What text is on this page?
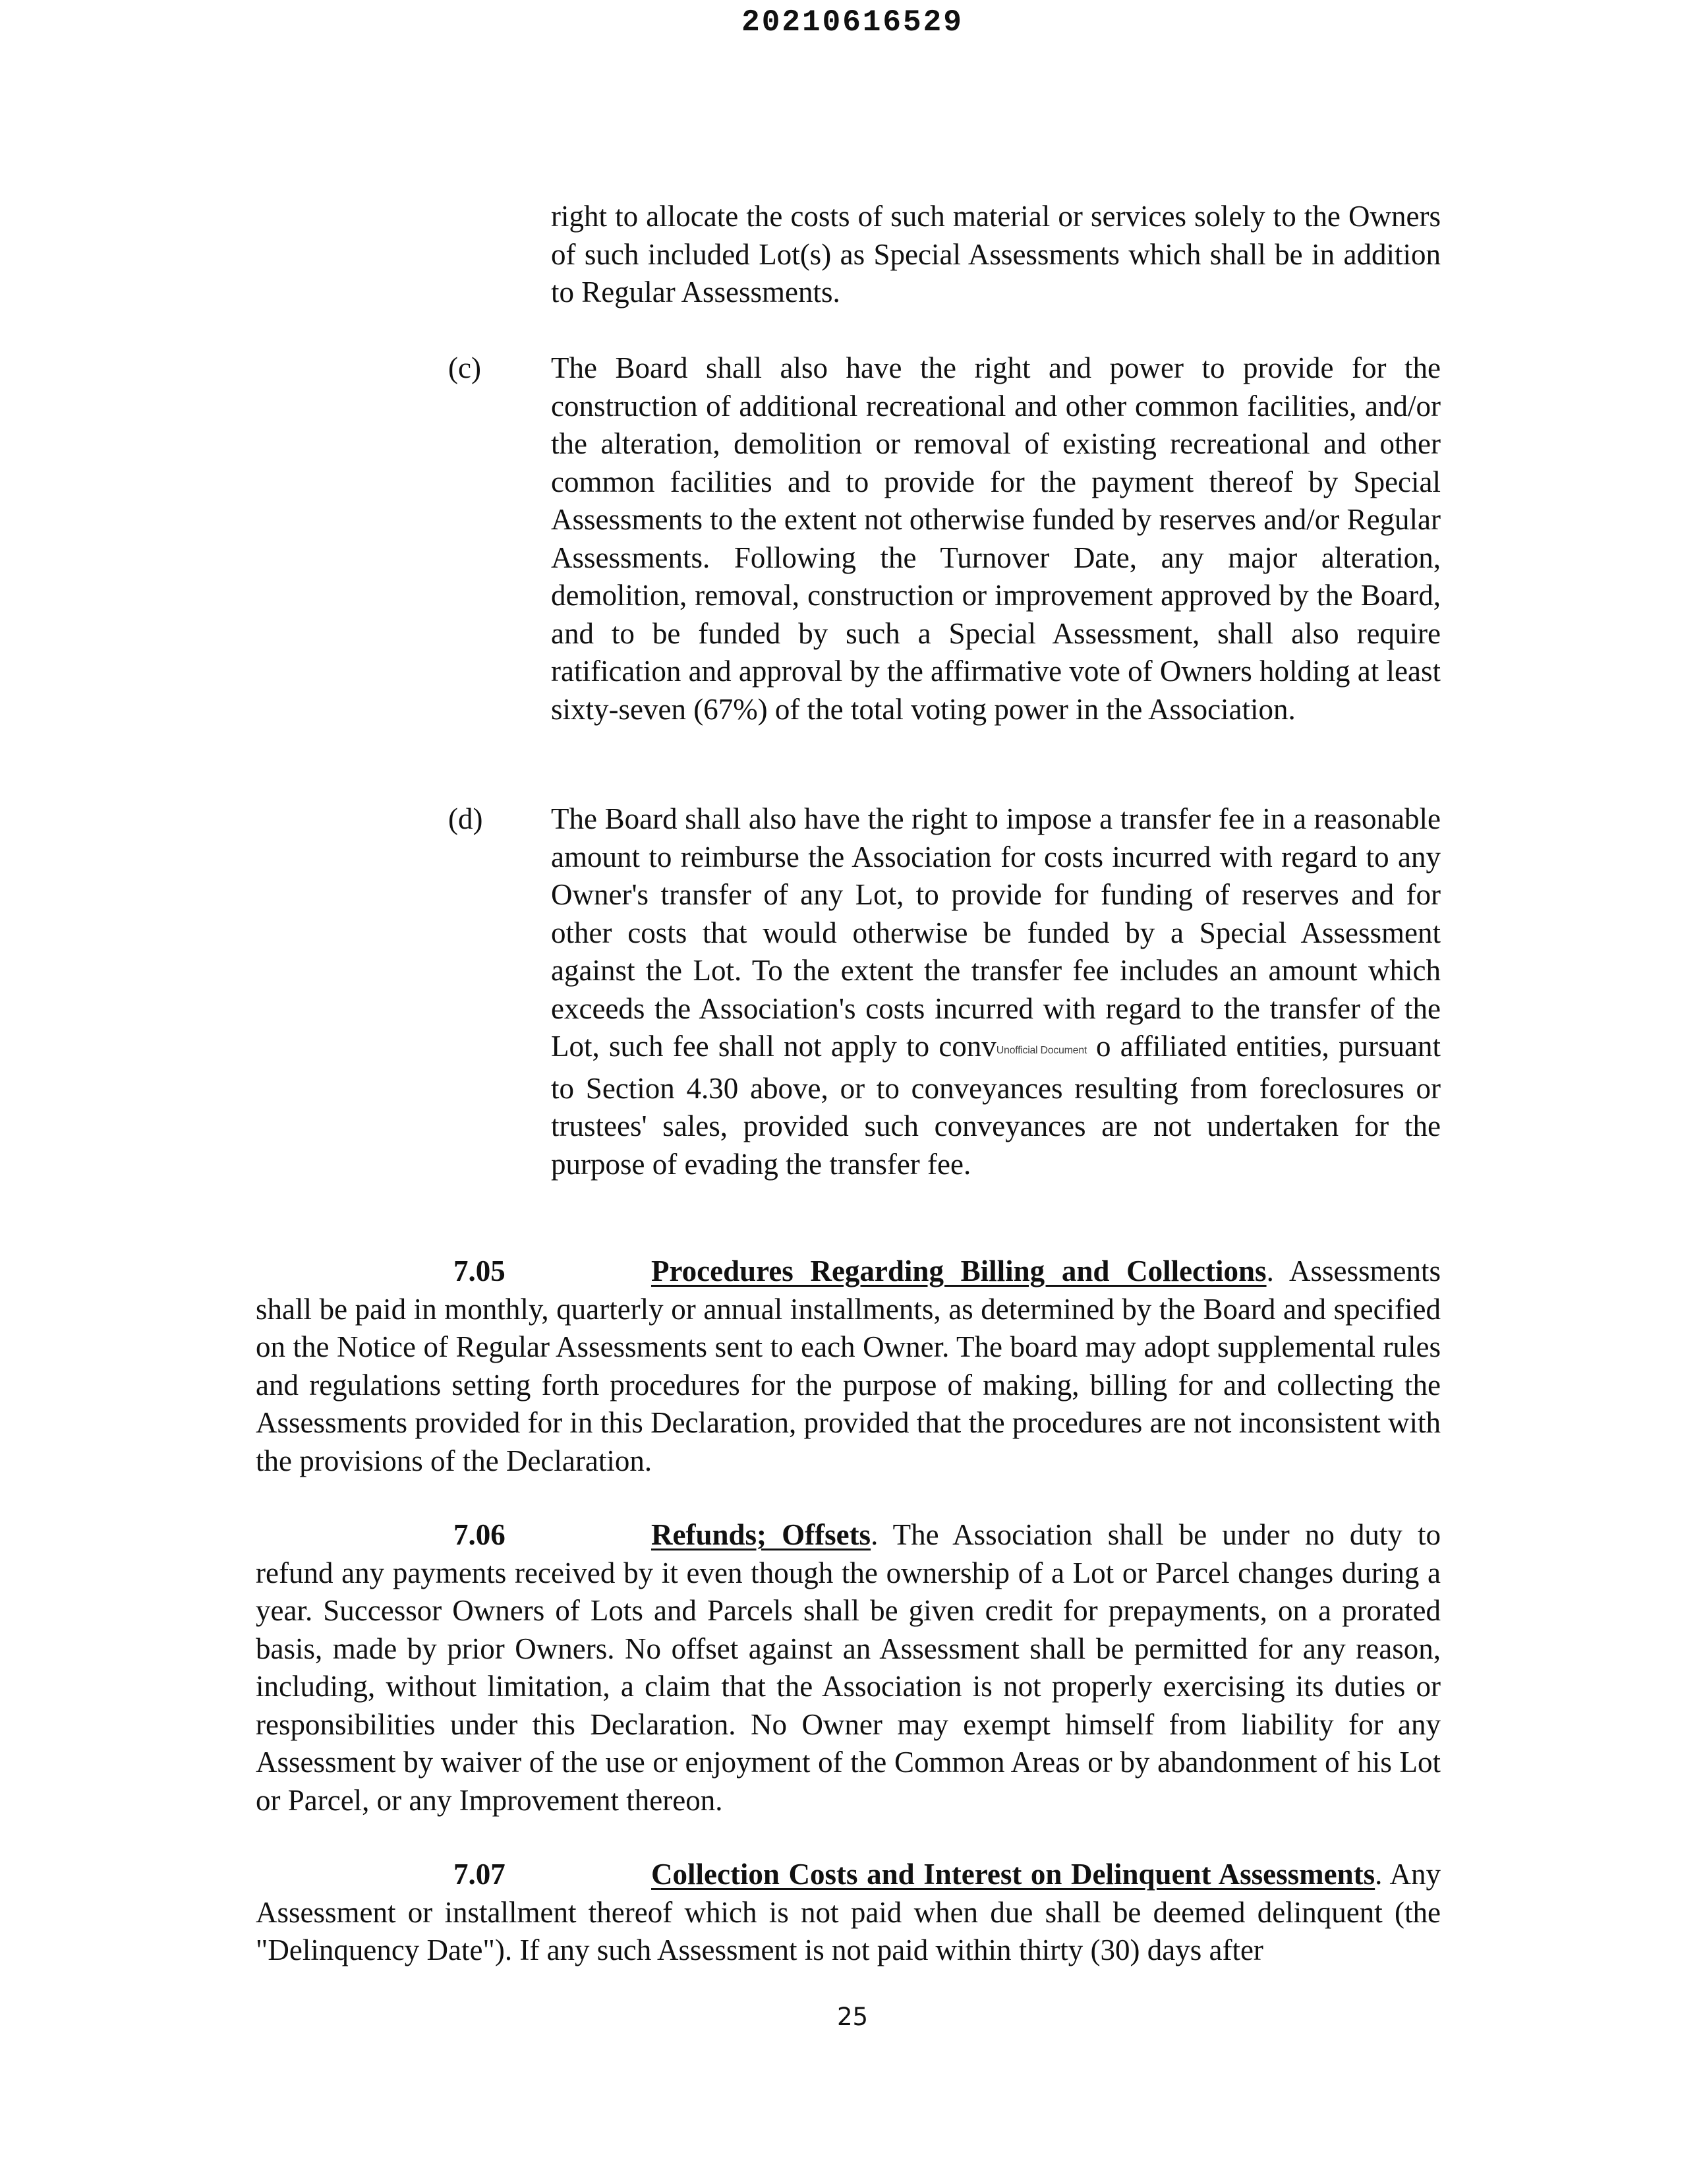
20210616529

right to allocate the costs of such material or services solely to the Owners of such included Lot(s) as Special Assessments which shall be in addition to Regular Assessments.

(c) The Board shall also have the right and power to provide for the construction of additional recreational and other common facilities, and/or the alteration, demolition or removal of existing recreational and other common facilities and to provide for the payment thereof by Special Assessments to the extent not otherwise funded by reserves and/or Regular Assessments. Following the Turnover Date, any major alteration, demolition, removal, construction or improvement approved by the Board, and to be funded by such a Special Assessment, shall also require ratification and approval by the affirmative vote of Owners holding at least sixty-seven (67%) of the total voting power in the Association.

(d) The Board shall also have the right to impose a transfer fee in a reasonable amount to reimburse the Association for costs incurred with regard to any Owner's transfer of any Lot, to provide for funding of reserves and for other costs that would otherwise be funded by a Special Assessment against the Lot. To the extent the transfer fee includes an amount which exceeds the Association's costs incurred with regard to the transfer of the Lot, such fee shall not apply to convUnofficial Document o affiliated entities, pursuant to Section 4.30 above, or to conveyances resulting from foreclosures or trustees' sales, provided such conveyances are not undertaken for the purpose of evading the transfer fee.

7.05	Procedures Regarding Billing and Collections. Assessments shall be paid in monthly, quarterly or annual installments, as determined by the Board and specified on the Notice of Regular Assessments sent to each Owner. The board may adopt supplemental rules and regulations setting forth procedures for the purpose of making, billing for and collecting the Assessments provided for in this Declaration, provided that the procedures are not inconsistent with the provisions of the Declaration.

7.06	Refunds; Offsets. The Association shall be under no duty to refund any payments received by it even though the ownership of a Lot or Parcel changes during a year. Successor Owners of Lots and Parcels shall be given credit for prepayments, on a prorated basis, made by prior Owners. No offset against an Assessment shall be permitted for any reason, including, without limitation, a claim that the Association is not properly exercising its duties or responsibilities under this Declaration. No Owner may exempt himself from liability for any Assessment by waiver of the use or enjoyment of the Common Areas or by abandonment of his Lot or Parcel, or any Improvement thereon.

7.07	Collection Costs and Interest on Delinquent Assessments. Any Assessment or installment thereof which is not paid when due shall be deemed delinquent (the "Delinquency Date"). If any such Assessment is not paid within thirty (30) days after

25
